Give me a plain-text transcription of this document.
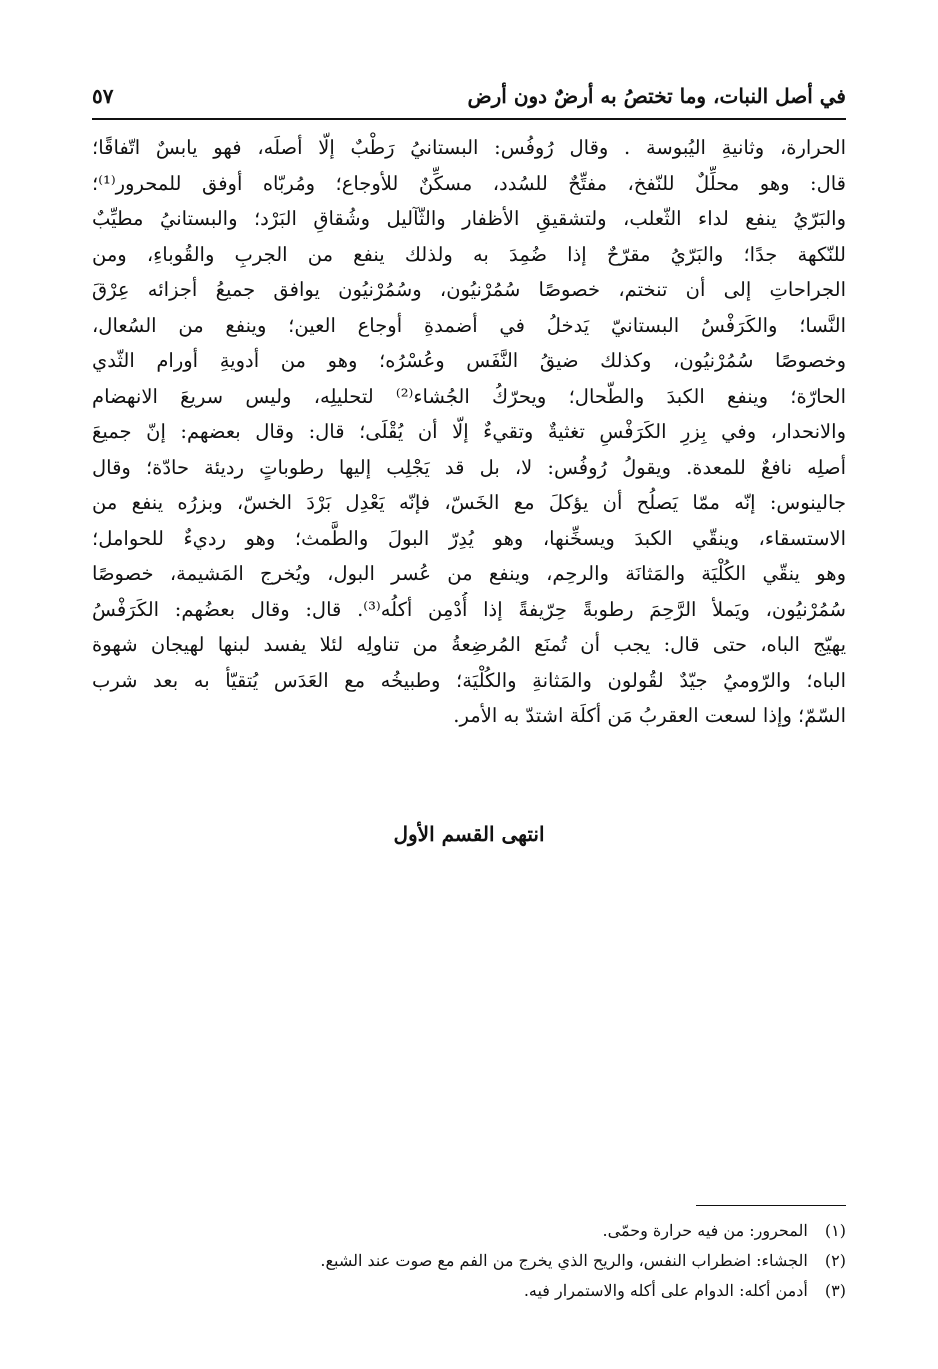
في أصل النبات، وما تختصُ به أرضٌ دون أرض
٥٧
الحرارة، وثانيةِ اليُبوسة . وقال رُوفُس: البستانيُ رَطْبٌ إلّا أصلَه، فهو يابسٌ اتّفاقًا؛
قال: وهو محلِّلٌ للنّفخ، مفتِّحٌ للسُدد، مسكِّنٌ للأوجاع؛ ومُربّاه أوفق للمحرور⁽¹⁾؛
والبَرّيُ ينفع لداء الثّعلب، ولتشقيقِ الأظفار والثّآليل وشُقاقِ البَرْد؛ والبستانيُ مطيِّبٌ
للنّكهة جدًا؛ والبَرّيُ مقرّحٌ إذا ضُمِدَ به ولذلك ينفع من الجربِ والقُوباءِ، ومن
الجراحاتِ إلى أن تنختم، خصوصًا سُمُرْنيُون، وسُمُرْنيُون يوافق جميعُ أجزائه عِرْقَ
النَّسا؛ والكَرَفْسُ البستانيّ يَدخلُ في أضمدةِ أوجاع العين؛ وينفع من السُعال،
وخصوصًا سُمُرْنيُون، وكذلك ضيقُ النَّفَس وعُسْرُه؛ وهو من أدويةِ أورام الثّدي
الحارّة؛ وينفع الكبدَ والطّحال؛ ويحرّكُ الجُشاء⁽²⁾ لتحليلِه، وليس سريعَ الانهضام
والانحدار، وفي بِزرِ الكَرَفْسِ تغثيةٌ وتقيءٌ إلّا أن يُقْلَى؛ قال: وقال بعضهم: إنّ جميعَ
أصلِه نافعٌ للمعدة. ويقولُ رُوفُس: لا، بل قد يَجْلِب إليها رطوباتٍ رديئة حادّة؛ وقال
جالينوس: إنّه ممّا يَصلُح أن يؤكلَ مع الخَسّ، فإنّه يَعْدِل بَرْدَ الخسّ، وبزرُه ينفع من
الاستسقاء، وينقّي الكبدَ ويسخِّنها، وهو يُدِرّ البولَ والطَّمث؛ وهو رديءٌ للحوامل؛
وهو ينقّي الكُلْيَة والمَثانَة والرحِم، وينفع من عُسر البول، ويُخرج المَشيمة، خصوصًا
سُمُرْنيُون، ويَملأ الرَّحِمَ رطوبةً حِرّيفةً إذا أُدْمِن أكلُه⁽³⁾. قال: وقال بعضُهم: الكَرَفْسُ
يهيّج الباه، حتى قال: يجب أن تُمنَع المُرضِعةُ من تناولِه لئلا يفسد لبنها لهيجان شهوة
الباه؛ والرّوميُ جيّدٌ لقُولون والمَثانةِ والكُلْيَة؛ وطبيخُه مع العَدَس يُتقيّأ به بعد شرب
السّمّ؛ وإذا لسعت العقربُ مَن أكلَة اشتدّ به الأمر.
انتهى القسم الأول
(١) المحرور: من فيه حرارة وحمّى.
(٢) الجشاء: اضطراب النفس، والريح الذي يخرج من الفم مع صوت عند الشبع.
(٣) أدمن أكله: الدوام على أكله والاستمرار فيه.
